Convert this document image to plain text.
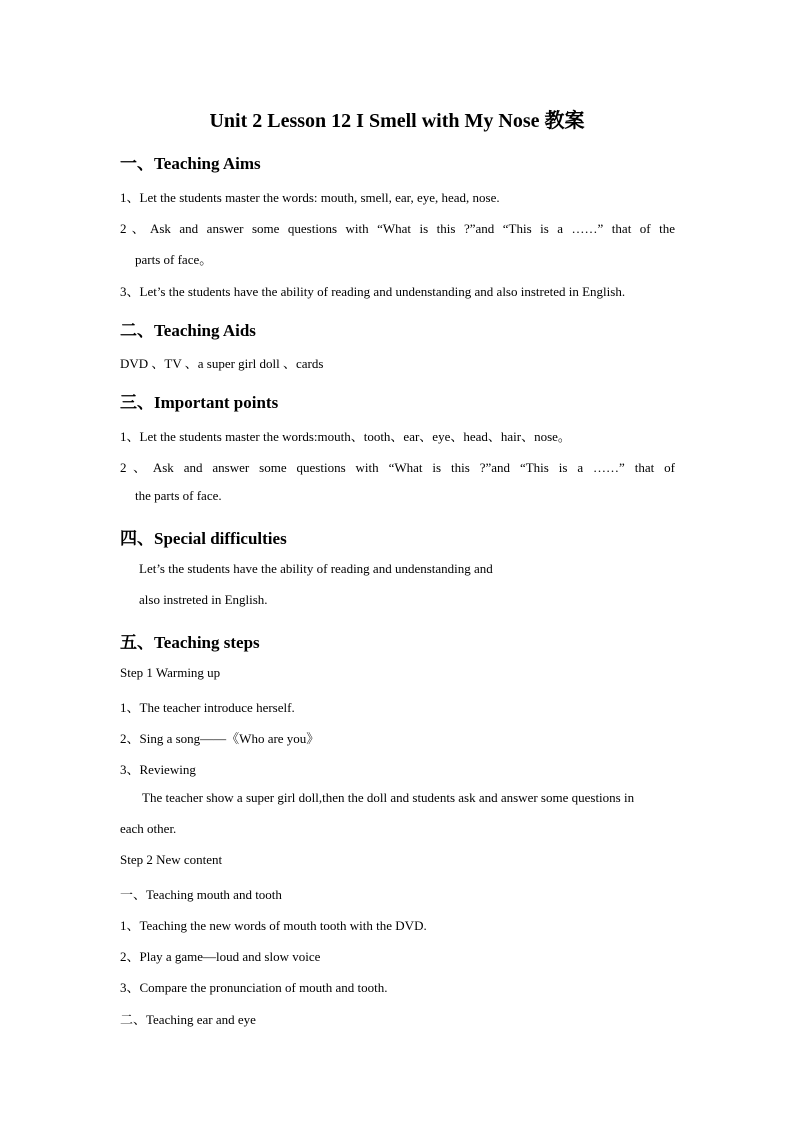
Unit 2 Lesson 12 I Smell with My Nose 教案
一、Teaching Aims

1、Let the students master the words: mouth, smell, ear, eye, head, nose.

2、Ask and answer some questions with “What is this ?”and “This is a ……” that of the

parts of face。

3、Let’s the students have the ability of reading and undenstanding and also instreted in English.

二、Teaching Aids

DVD 、TV 、a super girl doll 、cards

三、Important points

1、Let the students master the words:mouth、tooth、ear、eye、head、hair、nose。

2、Ask and answer some questions with “What is this ?”and “This is a ……” that of

the parts of face.

四、Special difficulties

Let’s the students have the ability of reading and undenstanding and

also instreted in English.

五、Teaching steps

Step 1 Warming up

1、The teacher introduce herself.

2、Sing a song——《Who are you》

3、Reviewing

The teacher show a super girl doll,then the doll and students ask and answer some questions in

each other.

Step 2 New content

一、Teaching mouth and tooth

1、Teaching the new words of mouth tooth with the DVD.

2、Play a game—loud and slow voice

3、Compare the pronunciation of mouth and tooth.

二、Teaching ear and eye
